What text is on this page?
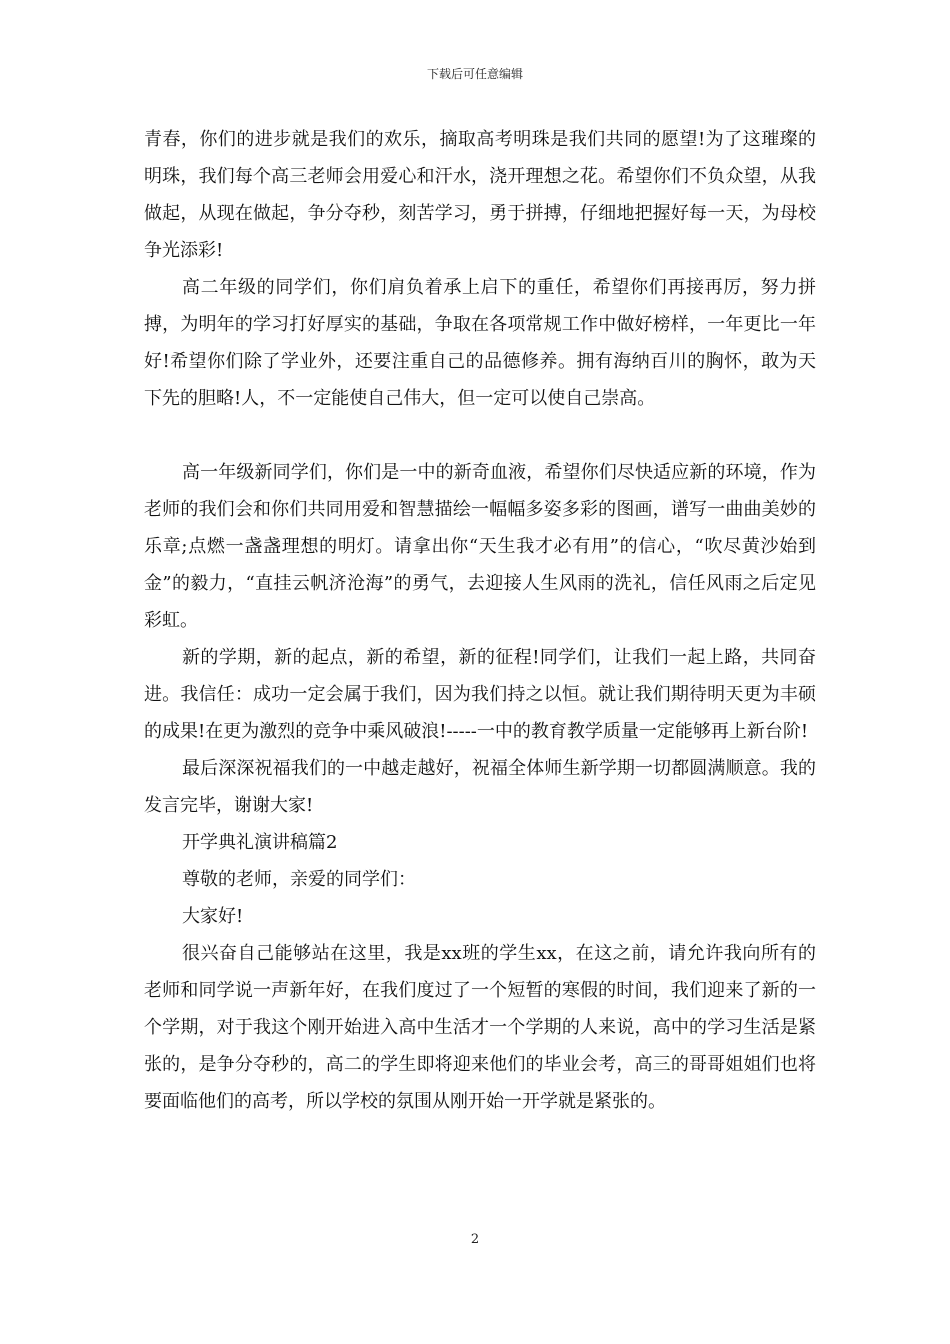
下载后可任意编辑

青春，你们的进步就是我们的欢乐，摘取高考明珠是我们共同的愿望!为了这璀璨的明珠，我们每个高三老师会用爱心和汗水，浇开理想之花。希望你们不负众望，从我做起，从现在做起，争分夺秒，刻苦学习，勇于拼搏，仔细地把握好每一天，为母校争光添彩!

高二年级的同学们，你们肩负着承上启下的重任，希望你们再接再厉，努力拼搏，为明年的学习打好厚实的基础，争取在各项常规工作中做好榜样，一年更比一年好!希望你们除了学业外，还要注重自己的品德修养。拥有海纳百川的胸怀，敢为天下先的胆略!人，不一定能使自己伟大，但一定可以使自己崇高。

高一年级新同学们，你们是一中的新奇血液，希望你们尽快适应新的环境，作为老师的我们会和你们共同用爱和智慧描绘一幅幅多姿多彩的图画，谱写一曲曲美妙的乐章;点燃一盏盏理想的明灯。请拿出你“天生我才必有用”的信心，“吹尽黄沙始到金”的毅力，“直挂云帆济沧海”的勇气，去迎接人生风雨的洗礼，信任风雨之后定见彩虹。

新的学期，新的起点，新的希望，新的征程!同学们，让我们一起上路，共同奋进。我信任：成功一定会属于我们，因为我们持之以恒。就让我们期待明天更为丰硕的成果!在更为激烈的竞争中乘风破浪!-----一中的教育教学质量一定能够再上新台阶!

最后深深祝福我们的一中越走越好，祝福全体师生新学期一切都圆满顺意。我的发言完毕，谢谢大家!

开学典礼演讲稿篇2

尊敬的老师，亲爱的同学们：

大家好!

很兴奋自己能够站在这里，我是xx班的学生xx，在这之前，请允许我向所有的老师和同学说一声新年好，在我们度过了一个短暂的寒假的时间，我们迎来了新的一个学期，对于我这个刚开始进入高中生活才一个学期的人来说，高中的学习生活是紧张的，是争分夺秒的，高二的学生即将迎来他们的毕业会考，高三的哥哥姐姐们也将要面临他们的高考，所以学校的氛围从刚开始一开学就是紧张的。

2
